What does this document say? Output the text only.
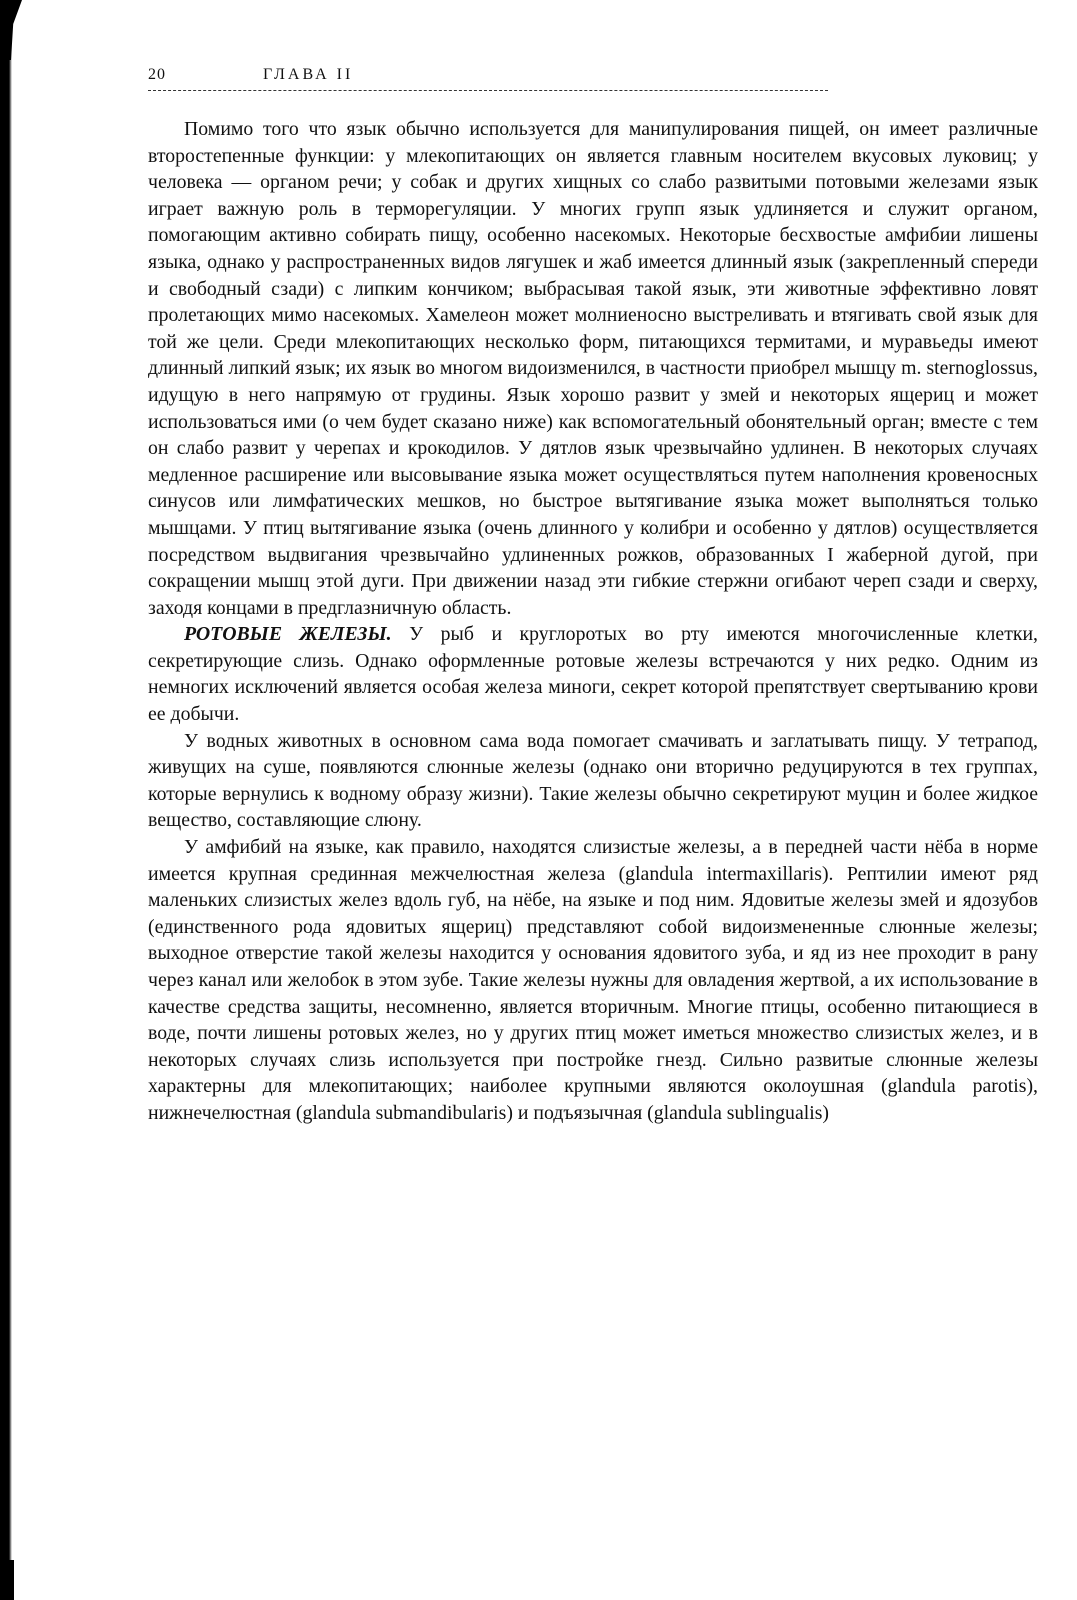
20	ГЛАВА II

Помимо того что язык обычно используется для манипулирования пищей, он имеет различные второстепенные функции: у млекопитающих он является главным носителем вкусовых луковиц; у человека — органом речи; у собак и других хищных со слабо развитыми потовыми железами язык играет важную роль в терморегуляции. У многих групп язык удлиняется и служит органом, помогающим активно собирать пищу, особенно насекомых. Некоторые бесхвостые амфибии лишены языка, однако у распространенных видов лягушек и жаб имеется длинный язык (закрепленный спереди и свободный сзади) с липким кончиком; выбрасывая такой язык, эти животные эффективно ловят пролетающих мимо насекомых. Хамелеон может молниеносно выстреливать и втягивать свой язык для той же цели. Среди млекопитающих несколько форм, питающихся термитами, и муравьеды имеют длинный липкий язык; их язык во многом видоизменился, в частности приобрел мышцу m. sternoglossus, идущую в него напрямую от грудины. Язык хорошо развит у змей и некоторых ящериц и может использоваться ими (о чем будет сказано ниже) как вспомогательный обонятельный орган; вместе с тем он слабо развит у черепах и крокодилов. У дятлов язык чрезвычайно удлинен. В некоторых случаях медленное расширение или высовывание языка может осуществляться путем наполнения кровеносных синусов или лимфатических мешков, но быстрое вытягивание языка может выполняться только мышцами. У птиц вытягивание языка (очень длинного у колибри и особенно у дятлов) осуществляется посредством выдвигания чрезвычайно удлиненных рожков, образованных I жаберной дугой, при сокращении мышц этой дуги. При движении назад эти гибкие стержни огибают череп сзади и сверху, заходя концами в предглазничную область.

РОТОВЫЕ ЖЕЛЕЗЫ. У рыб и круглоротых во рту имеются многочисленные клетки, секретирующие слизь. Однако оформленные ротовые железы встречаются у них редко. Одним из немногих исключений является особая железа миноги, секрет которой препятствует свертыванию крови ее добычи.

У водных животных в основном сама вода помогает смачивать и заглатывать пищу. У тетрапод, живущих на суше, появляются слюнные железы (однако они вторично редуцируются в тех группах, которые вернулись к водному образу жизни). Такие железы обычно секретируют муцин и более жидкое вещество, составляющие слюну.

У амфибий на языке, как правило, находятся слизистые железы, а в передней части нёба в норме имеется крупная срединная межчелюстная железа (glandula intermaxillaris). Рептилии имеют ряд маленьких слизистых желез вдоль губ, на нёбе, на языке и под ним. Ядовитые железы змей и ядозубов (единственного рода ядовитых ящериц) представляют собой видоизмененные слюнные железы; выходное отверстие такой железы находится у основания ядовитого зуба, и яд из нее проходит в рану через канал или желобок в этом зубе. Такие железы нужны для овладения жертвой, а их использование в качестве средства защиты, несомненно, является вторичным. Многие птицы, особенно питающиеся в воде, почти лишены ротовых желез, но у других птиц может иметься множество слизистых желез, и в некоторых случаях слизь используется при постройке гнезд. Сильно развитые слюнные железы характерны для млекопитающих; наиболее крупными являются околоушная (glandula parotis), нижнечелюстная (glandula submandibularis) и подъязычная (glandula sublingualis)
